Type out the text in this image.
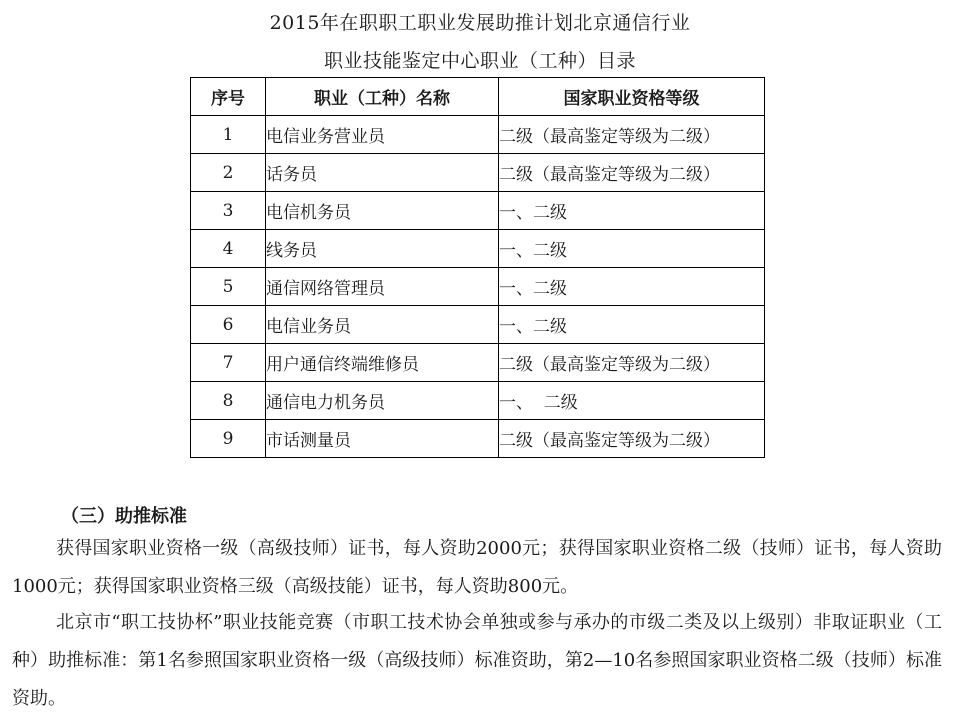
2015年在职职工职业发展助推计划北京通信行业
职业技能鉴定中心职业（工种）目录
序号	职业（工种）名称	国家职业资格等级
1	电信业务营业员	二级（最高鉴定等级为二级）
2	话务员	二级（最高鉴定等级为二级）
3	电信机务员	一、二级
4	线务员	一、二级
5	通信网络管理员	一、二级
6	电信业务员	一、二级
7	用户通信终端维修员	二级（最高鉴定等级为二级）
8	通信电力机务员	一、  二级
9	市话测量员	二级（最高鉴定等级为二级）
（三）助推标准

获得国家职业资格一级（高级技师）证书，每人资助2000元；获得国家职业资格二级（技师）证书，每人资助1000元；获得国家职业资格三级（高级技能）证书，每人资助800元。

北京市“职工技协杯”职业技能竞赛（市职工技术协会单独或参与承办的市级二类及以上级别）非取证职业（工种）助推标准：第1名参照国家职业资格一级（高级技师）标准资助，第2—10名参照国家职业资格二级（技师）标准资助。
